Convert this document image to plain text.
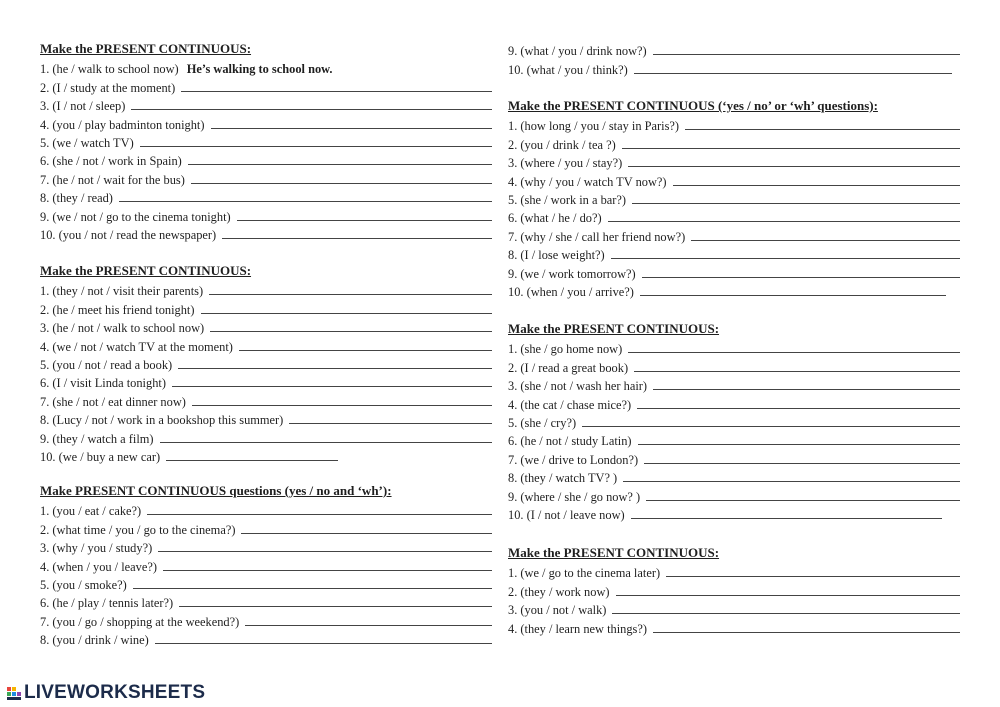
Make the PRESENT CONTINUOUS:
1. (he / walk to school now) He’s walking to school now.
2. (I / study at the moment)
3. (I / not / sleep)
4. (you / play badminton tonight)
5. (we / watch TV)
6. (she / not / work in Spain)
7. (he / not / wait for the bus)
8. (they / read)
9. (we / not / go to the cinema tonight)
10. (you / not / read the newspaper)
Make the PRESENT CONTINUOUS:
1. (they / not / visit their parents)
2. (he / meet his friend tonight)
3. (he / not / walk to school now)
4. (we / not / watch TV at the moment)
5. (you / not / read a book)
6. (I / visit Linda tonight)
7. (she / not / eat dinner now)
8. (Lucy / not / work in a bookshop this summer)
9. (they / watch a film)
10. (we / buy a new car)
Make PRESENT CONTINUOUS questions (yes / no and ‘wh’):
1. (you / eat / cake?)
2. (what time / you / go to the cinema?)
3. (why / you / study?)
4. (when / you / leave?)
5. (you / smoke?)
6. (he / play / tennis later?)
7. (you / go / shopping at the weekend?)
8. (you / drink / wine)
9. (what / you / drink now?)
10. (what / you / think?)
Make the PRESENT CONTINUOUS (‘yes / no’ or ‘wh’ questions):
1. (how long / you / stay in Paris?)
2. (you / drink / tea ?)
3. (where / you / stay?)
4. (why / you / watch TV now?)
5. (she / work in a bar?)
6. (what / he / do?)
7. (why / she / call her friend now?)
8. (I / lose weight?)
9. (we / work tomorrow?)
10. (when / you / arrive?)
Make the PRESENT CONTINUOUS:
1. (she / go home now)
2. (I / read a great book)
3. (she / not / wash her hair)
4. (the cat / chase mice?)
5. (she / cry?)
6. (he / not / study Latin)
7. (we / drive to London?)
8. (they / watch TV? )
9. (where / she / go now? )
10. (I / not / leave now)
Make the PRESENT CONTINUOUS:
1. (we / go to the cinema later)
2. (they / work now)
3. (you / not / walk)
4. (they / learn new things?)
LIVEWORKSHEETS
